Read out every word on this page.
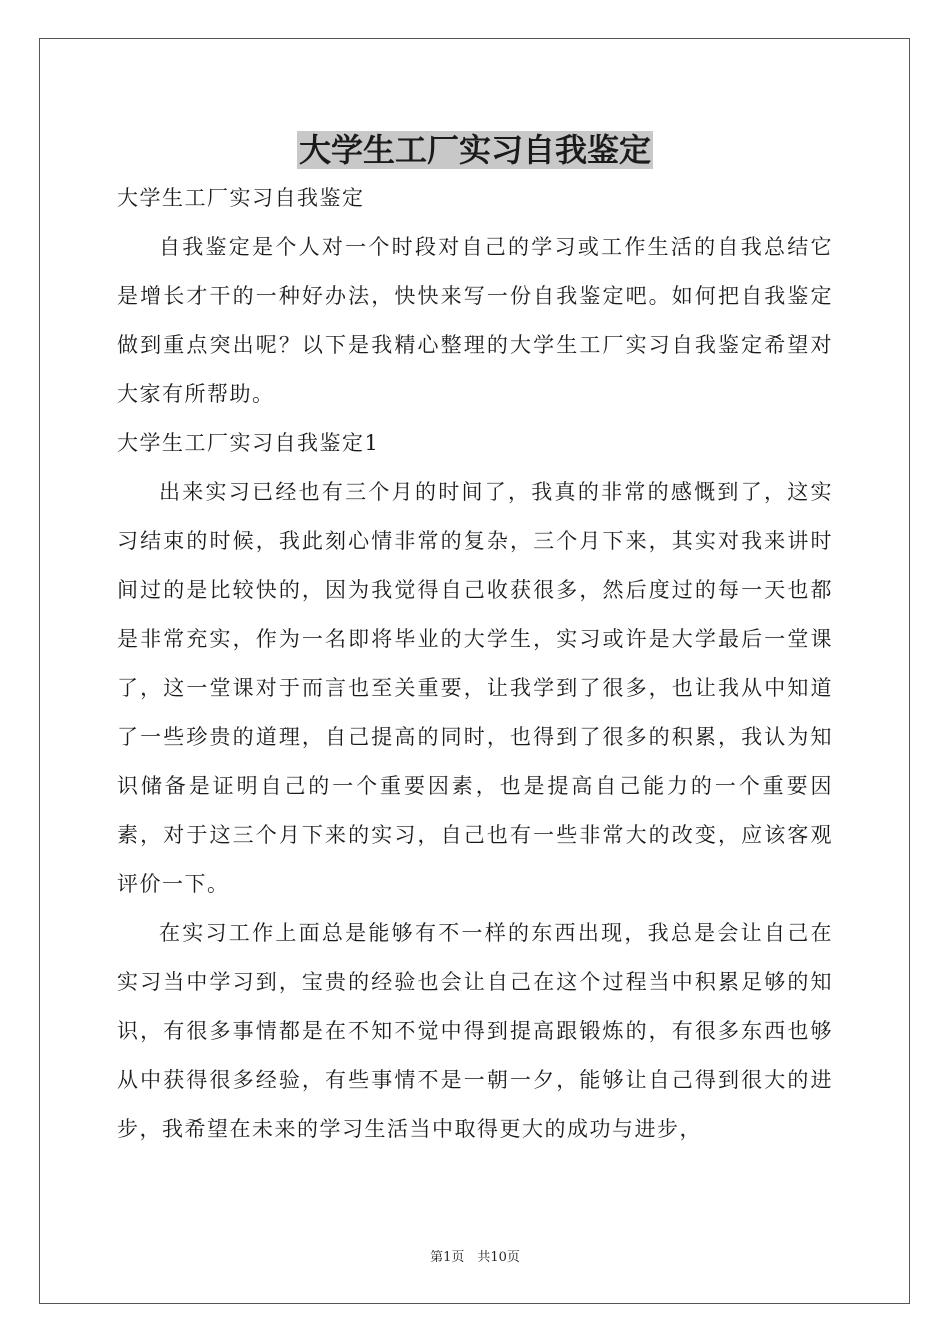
大学生工厂实习自我鉴定

大学生工厂实习自我鉴定

自我鉴定是个人对一个时段对自己的学习或工作生活的自我总结它是增长才干的一种好办法，快快来写一份自我鉴定吧。如何把自我鉴定做到重点突出呢？以下是我精心整理的大学生工厂实习自我鉴定希望对大家有所帮助。

大学生工厂实习自我鉴定1

出来实习已经也有三个月的时间了，我真的非常的感慨到了，这实习结束的时候，我此刻心情非常的复杂，三个月下来，其实对我来讲时间过的是比较快的，因为我觉得自己收获很多，然后度过的每一天也都是非常充实，作为一名即将毕业的大学生，实习或许是大学最后一堂课了，这一堂课对于而言也至关重要，让我学到了很多，也让我从中知道了一些珍贵的道理，自己提高的同时，也得到了很多的积累，我认为知识储备是证明自己的一个重要因素，也是提高自己能力的一个重要因素，对于这三个月下来的实习，自己也有一些非常大的改变，应该客观评价一下。

在实习工作上面总是能够有不一样的东西出现，我总是会让自己在实习当中学习到，宝贵的经验也会让自己在这个过程当中积累足够的知识，有很多事情都是在不知不觉中得到提高跟锻炼的，有很多东西也够从中获得很多经验，有些事情不是一朝一夕，能够让自己得到很大的进步，我希望在未来的学习生活当中取得更大的成功与进步，

第1页　共10页
